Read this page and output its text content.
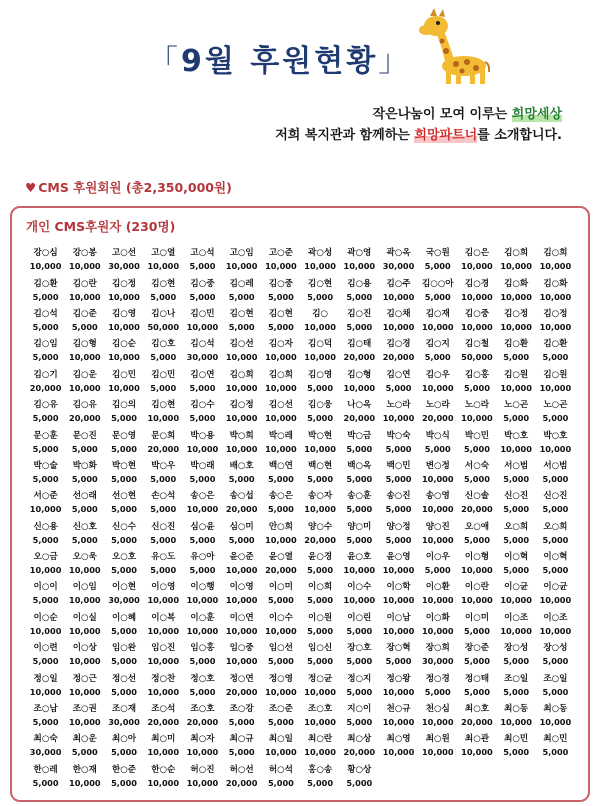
「9월 후원현황」
작은나눔이 모여 이루는 희망세상
저희 복지관과 함께하는 희망파트너를 소개합니다.
♥ CMS 후원회원 (총2,350,000원)
개인 CMS후원자 (230명)
강○심
10,000
강○봉
10,000
고○선
30,000
고○열
10,000
고○석
5,000
고○임
10,000
고○준
10,000
곽○성
10,000
곽○영
10,000
곽○옥
30,000
국○원
5,000
김○은
10,000
김○희
10,000
김○희
10,000
김○환
5,000
김○란
10,000
김○정
10,000
김○현
5,000
김○중
5,000
김○레
5,000
김○중
5,000
김○현
5,000
김○용
5,000
김○주
10,000
김○○아
5,000
김○경
10,000
김○화
10,000
김○화
10,000
김○석
5,000
김○준
5,000
김○영
10,000
김○나
50,000
김○민
10,000
김○현
5,000
김○현
5,000
김○
10,000
김○진
5,000
김○채
10,000
김○재
10,000
김○중
10,000
김○정
10,000
김○정
10,000
김○임
5,000
김○형
10,000
김○순
10,000
김○호
5,000
김○석
30,000
김○선
10,000
김○자
10,000
김○덕
10,000
김○태
20,000
김○경
20,000
김○지
5,000
김○철
50,000
김○환
5,000
김○환
5,000
김○기
20,000
김○운
10,000
김○민
10,000
김○민
5,000
김○연
5,000
김○희
10,000
김○희
10,000
김○영
5,000
김○형
10,000
김○연
5,000
김○우
10,000
김○홍
5,000
김○원
10,000
김○원
10,000
김○유
5,000
김○유
20,000
김○의
5,000
김○현
10,000
김○수
5,000
김○정
10,000
김○선
10,000
김○웅
5,000
나○옥
20,000
노○라
10,000
노○라
20,000
노○라
10,000
노○곤
5,000
노○곤
5,000
문○훈
5,000
문○진
5,000
문○영
5,000
문○희
20,000
박○용
10,000
박○희
10,000
박○레
10,000
박○현
10,000
박○금
5,000
박○숙
5,000
박○식
5,000
박○민
5,000
박○호
10,000
박○호
10,000
박○술
5,000
박○화
5,000
박○현
5,000
박○우
5,000
박○래
5,000
배○호
5,000
백○연
5,000
백○현
5,000
백○옥
5,000
백○민
5,000
변○정
10,000
서○숙
5,000
서○범
5,000
서○범
5,000
서○준
10,000
선○래
5,000
선○현
5,000
손○석
5,000
송○은
10,000
송○섭
20,000
송○은
5,000
송○자
10,000
송○훈
5,000
송○진
5,000
송○영
10,000
신○솔
20,000
신○진
5,000
신○진
5,000
신○용
5,000
신○호
5,000
신○수
5,000
신○진
5,000
심○윤
5,000
심○미
5,000
안○희
10,000
양○수
20,000
양○미
5,000
양○정
5,000
양○진
10,000
오○애
5,000
오○희
5,000
오○희
5,000
오○금
10,000
오○욱
10,000
오○호
5,000
유○도
5,000
유○아
5,000
윤○준
10,000
윤○열
20,000
윤○경
5,000
윤○호
10,000
윤○영
10,000
이○우
5,000
이○형
10,000
이○혁
5,000
이○혁
5,000
이○이
5,000
이○임
10,000
이○현
30,000
이○영
10,000
이○행
10,000
이○영
10,000
이○미
5,000
이○희
5,000
이○수
10,000
이○학
10,000
이○환
10,000
이○란
10,000
이○균
10,000
이○균
10,000
이○순
10,000
이○실
10,000
이○혜
5,000
이○복
10,000
이○훈
10,000
이○연
10,000
이○수
10,000
이○원
5,000
이○린
5,000
이○남
10,000
이○화
10,000
이○미
5,000
이○조
10,000
이○조
10,000
이○련
5,000
이○상
10,000
임○완
5,000
임○진
10,000
임○홍
5,000
임○중
10,000
임○선
5,000
임○신
5,000
장○호
5,000
장○혁
5,000
장○희
30,000
장○준
5,000
장○성
5,000
장○성
5,000
정○일
10,000
정○근
10,000
정○선
5,000
정○찬
10,000
정○호
5,000
정○연
20,000
정○영
10,000
정○균
10,000
정○지
5,000
정○왕
10,000
정○경
5,000
정○태
5,000
조○일
5,000
조○일
5,000
조○남
5,000
조○권
10,000
조○재
30,000
조○석
20,000
조○호
20,000
조○강
5,000
조○준
5,000
조○호
10,000
지○이
5,000
천○규
10,000
천○심
10,000
최○호
20,000
최○동
10,000
최○동
10,000
최○숙
30,000
최○운
5,000
최○아
5,000
최○미
10,000
최○자
10,000
최○규
5,000
최○일
10,000
최○란
10,000
최○상
20,000
최○영
10,000
최○원
10,000
최○관
10,000
최○민
5,000
최○민
5,000
한○레
5,000
한○재
10,000
한○준
5,000
한○순
10,000
허○진
10,000
허○선
20,000
허○석
5,000
홍○송
5,000
황○상
5,000
